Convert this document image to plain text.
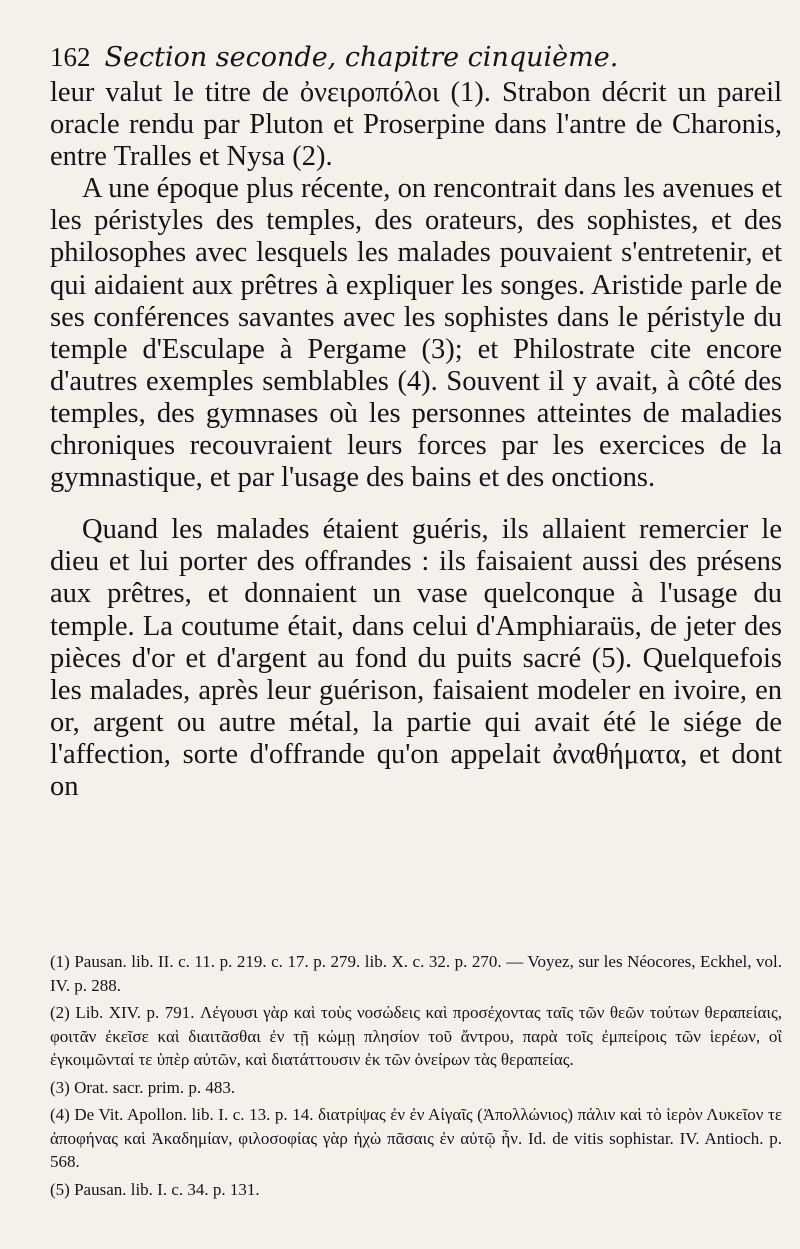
162 Section seconde, chapitre cinquième.

leur valut le titre de ὀνειροπόλοι (1). Strabon décrit un pareil oracle rendu par Pluton et Proserpine dans l'antre de Charonis, entre Tralles et Nysa (2).

A une époque plus récente, on rencontrait dans les avenues et les péristyles des temples, des orateurs, des sophistes, et des philosophes avec lesquels les malades pouvaient s'entretenir, et qui aidaient aux prêtres à expliquer les songes. Aristide parle de ses conférences savantes avec les sophistes dans le péristyle du temple d'Esculape à Pergame (3); et Philostrate cite encore d'autres exemples semblables (4). Souvent il y avait, à côté des temples, des gymnases où les personnes atteintes de maladies chroniques recouvraient leurs forces par les exercices de la gymnastique, et par l'usage des bains et des onctions.

Quand les malades étaient guéris, ils allaient remercier le dieu et lui porter des offrandes : ils faisaient aussi des présens aux prêtres, et donnaient un vase quelconque à l'usage du temple. La coutume était, dans celui d'Amphiaraüs, de jeter des pièces d'or et d'argent au fond du puits sacré (5). Quelquefois les malades, après leur guérison, faisaient modeler en ivoire, en or, argent ou autre métal, la partie qui avait été le siége de l'affection, sorte d'offrande qu'on appelait ἀναθήματα, et dont on

(1) Pausan. lib. II. c. 11. p. 219. c. 17. p. 279. lib. X. c. 32. p. 270. — Voyez, sur les Néocores, Eckhel, vol. IV. p. 288.

(2) Lib. XIV. p. 791. Λέγουσι γὰρ καὶ τοὺς νοσώδεις καὶ προσέχοντας ταῖς τῶν θεῶν τούτων θεραπείαις, φοιτᾶν ἐκεῖσε καὶ διαιτᾶσθαι ἐν τῇ κώμῃ πλησίον τοῦ ἄντρου, παρὰ τοῖς ἐμπείροις τῶν ἱερέων, οἳ ἐγκοιμῶνταί τε ὑπὲρ αὐτῶν, καὶ διατάττουσιν ἐκ τῶν ὀνείρων τὰς θεραπείας.

(3) Orat. sacr. prim. p. 483.

(4) De Vit. Apollon. lib. I. c. 13. p. 14. διατρίψας ἐν ἐν Αἰγαῖς (Ἀπολλώνιος) πάλιν καὶ τὸ ἱερὸν Λυκεῖον τε ἀποφήνας καὶ Ἀκαδημίαν, φιλοσοφίας γὰρ ἠχὼ πᾶσαις ἐν αὐτῷ ἦν. Id. de vitis sophistar. IV. Antioch. p. 568.

(5) Pausan. lib. I. c. 34. p. 131.
